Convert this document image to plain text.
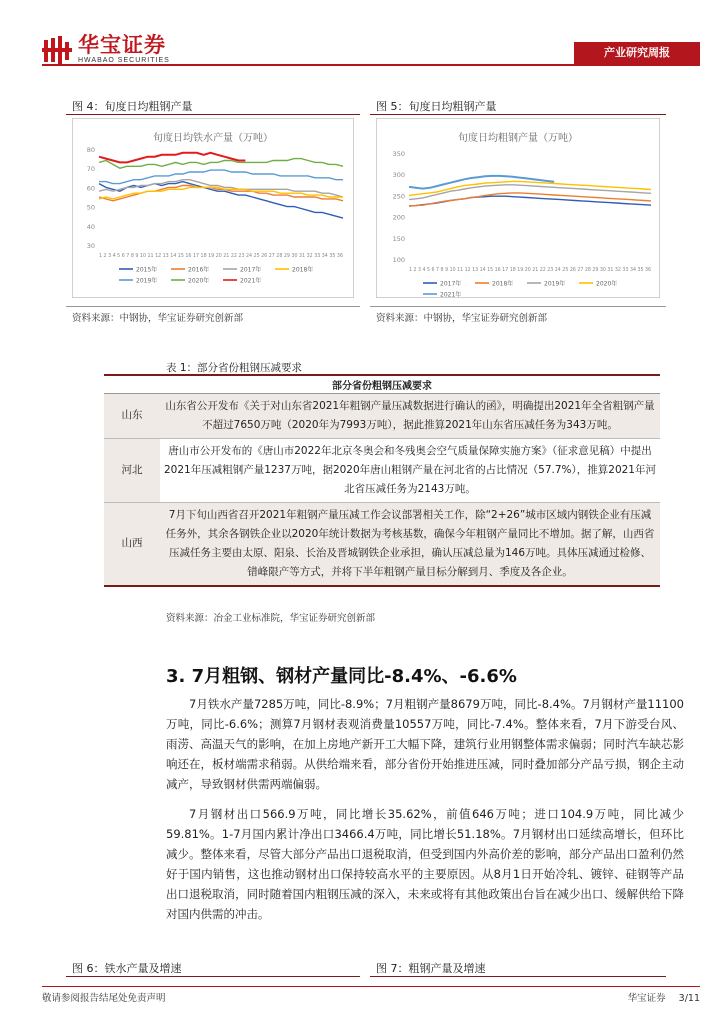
华宝证券
HWABAO SECURITIES
产业研究周报
图 4：旬度日均粗钢产量
旬度日均铁水产量（万吨）
80
70
60
50
40
30
1 2 3 4 5 6 7 8 9 10 11 12 13 14 15 16 17 18 19 20 21 22 23 24 25 26 27 28 29 30 31 32 33 34 35 36
2015年	2016年	2017年	2018年
2019年	2020年	2021年
资料来源：中钢协，华宝证券研究创新部
图 5：旬度日均粗钢产量
旬度日均粗钢产量（万吨）
350
300
250
200
150
100
1 2 3 4 5 6 7 8 9 10 11 12 13 14 15 16 17 18 19 20 21 22 23 24 25 26 27 28 29 30 31 32 33 34 35 36
2017年	2018年	2019年	2020年
2021年
资料来源：中钢协，华宝证券研究创新部
表 1：部分省份粗钢压减要求
部分省份粗钢压减要求	
山东	山东省公开发布《关于对山东省2021年粗钢产量压减数据进行确认的函》，明确提出2021年全省粗钢产量不超过7650万吨（2020年为7993万吨），据此推算2021年山东省压减任务为343万吨。
河北	唐山市公开发布的《唐山市2022年北京冬奥会和冬残奥会空气质量保障实施方案》（征求意见稿）中提出2021年压减粗钢产量1237万吨，据2020年唐山粗钢产量在河北省的占比情况（57.7%），推算2021年河北省压减任务为2143万吨。
山西	7月下旬山西省召开2021年粗钢产量压减工作会议部署相关工作，除“2+26”城市区域内钢铁企业有压减任务外，其余各钢铁企业以2020年统计数据为考核基数，确保今年粗钢产量同比不增加。据了解，山西省压减任务主要由太原、阳泉、长治及晋城钢铁企业承担，确认压减总量为146万吨。具体压减通过检修、错峰限产等方式，并将下半年粗钢产量目标分解到月、季度及各企业。
资料来源：冶金工业标准院，华宝证券研究创新部
3. 7月粗钢、钢材产量同比-8.4%、-6.6%

7月铁水产量7285万吨，同比-8.9%；7月粗钢产量8679万吨，同比-8.4%。7月钢材产量11100万吨，同比-6.6%；测算7月钢材表观消费量10557万吨，同比-7.4%。整体来看，7月下游受台风、雨涝、高温天气的影响，在加上房地产新开工大幅下降，建筑行业用钢整体需求偏弱；同时汽车缺芯影响还在，板材端需求稍弱。从供给端来看，部分省份开始推进压减，同时叠加部分产品亏损，钢企主动减产，导致钢材供需两端偏弱。

7月钢材出口566.9万吨，同比增长35.62%，前值646万吨；进口104.9万吨，同比减少59.81%。1-7月国内累计净出口3466.4万吨，同比增长51.18%。7月钢材出口延续高增长，但环比减少。整体来看，尽管大部分产品出口退税取消，但受到国内外高价差的影响，部分产品出口盈利仍然好于国内销售，这也推动钢材出口保持较高水平的主要原因。从8月1日开始冷轧、镀锌、硅钢等产品出口退税取消，同时随着国内粗钢压减的深入，未来或将有其他政策出台旨在减少出口、缓解供给下降对国内供需的冲击。

图 6：铁水产量及增速	图 7：粗钢产量及增速
敬请参阅报告结尾处免责声明	华宝证券 3/11
